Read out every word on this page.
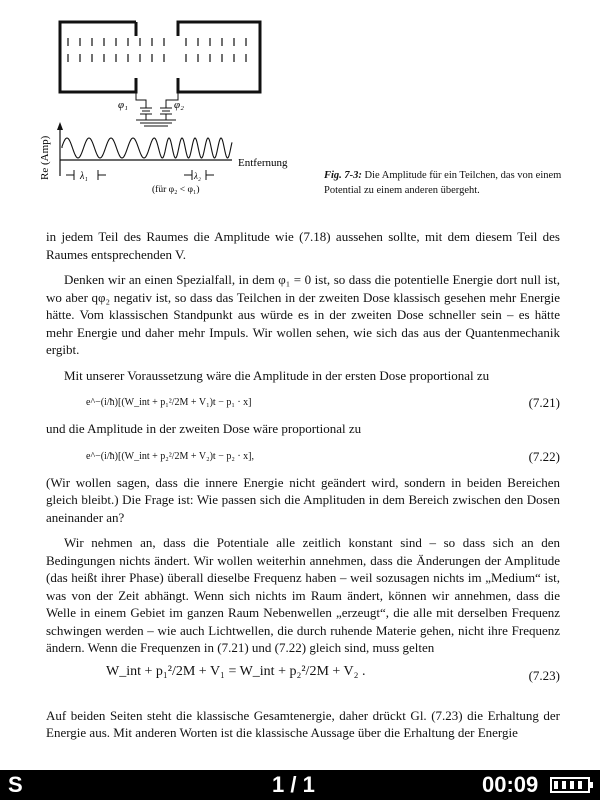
φ₁	φ₂
Re (Amp)	Entfernung
λ₁	λ₂
(für φ₂ < φ₁)
Fig. 7-3: Die Amplitude für ein Teilchen, das von einem Potential zu einem anderen übergeht.

in jedem Teil des Raumes die Amplitude wie (7.18) aussehen sollte, mit dem diesem Teil des Raumes entsprechenden V.

Denken wir an einen Spezialfall, in dem φ₁ = 0 ist, so dass die potentielle Energie dort null ist, wo aber qφ₂ negativ ist, so dass das Teilchen in der zweiten Dose klassisch gesehen mehr Energie hätte. Vom klassischen Standpunkt aus würde es in der zweiten Dose schneller sein – es hätte mehr Energie und daher mehr Impuls. Wir wollen sehen, wie sich das aus der Quantenmechanik ergibt.

Mit unserer Voraussetzung wäre die Amplitude in der ersten Dose proportional zu

e^−(i/ħ)[(W_int + p₁²/2M + V₁)t − p₁ · x]	(7.21)

und die Amplitude in der zweiten Dose wäre proportional zu

e^−(i/ħ)[(W_int + p₂²/2M + V₂)t − p₂ · x],	(7.22)

(Wir wollen sagen, dass die innere Energie nicht geändert wird, sondern in beiden Bereichen gleich bleibt.) Die Frage ist: Wie passen sich die Amplituden in dem Bereich zwischen den Dosen aneinander an?

Wir nehmen an, dass die Potentiale alle zeitlich konstant sind – so dass sich an den Bedingungen nichts ändert. Wir wollen weiterhin annehmen, dass die Änderungen der Amplitude (das heißt ihrer Phase) überall dieselbe Frequenz haben – weil sozusagen nichts im „Medium“ ist, was von der Zeit abhängt. Wenn sich nichts im Raum ändert, können wir annehmen, dass die Welle in einem Gebiet im ganzen Raum Nebenwellen „erzeugt“, die alle mit derselben Frequenz schwingen werden – wie auch Lichtwellen, die durch ruhende Materie gehen, nicht ihre Frequenz ändern. Wenn die Frequenzen in (7.21) und (7.22) gleich sind, muss gelten

W_int + p₁²/2M + V₁ = W_int + p₂²/2M + V₂ .	(7.23)

Auf beiden Seiten steht die klassische Gesamtenergie, daher drückt Gl. (7.23) die Erhaltung der Energie aus. Mit anderen Worten ist die klassische Aussage über die Erhaltung der Energie

S	1 / 1	00:09
